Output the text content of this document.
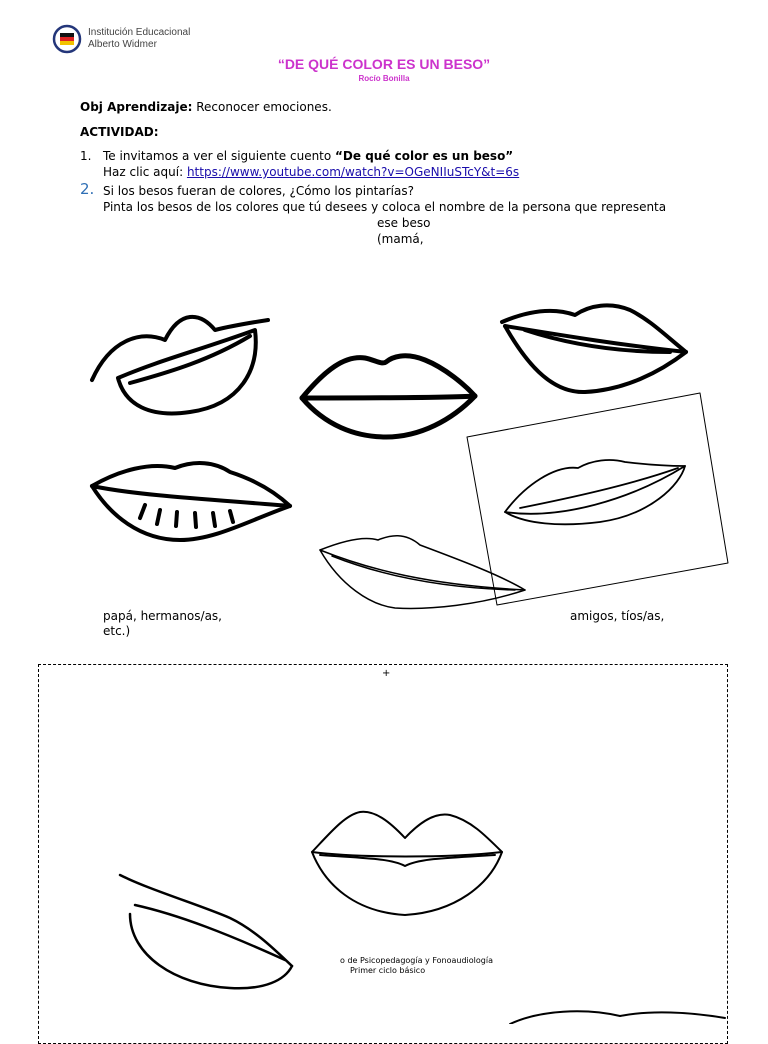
Institución Educacional
Alberto Widmer
“DE QUÉ COLOR ES UN BESO”
Rocío Bonilla
Obj Aprendizaje: Reconocer emociones.
ACTIVIDAD:
1. Te invitamos a ver el siguiente cuento “De qué color es un beso”
Haz clic aquí: https://www.youtube.com/watch?v=OGeNIIuSTcY&t=6s
2. Si los besos fueran de colores, ¿Cómo los pintarías?
Pinta los besos de los colores que tú desees y coloca el nombre de la persona que representa
ese beso
(mamá,
papá, hermanos/as,	amigos, tíos/as,
etc.)
+
o de Psicopedagogía y Fonoaudiología
Primer ciclo básico
